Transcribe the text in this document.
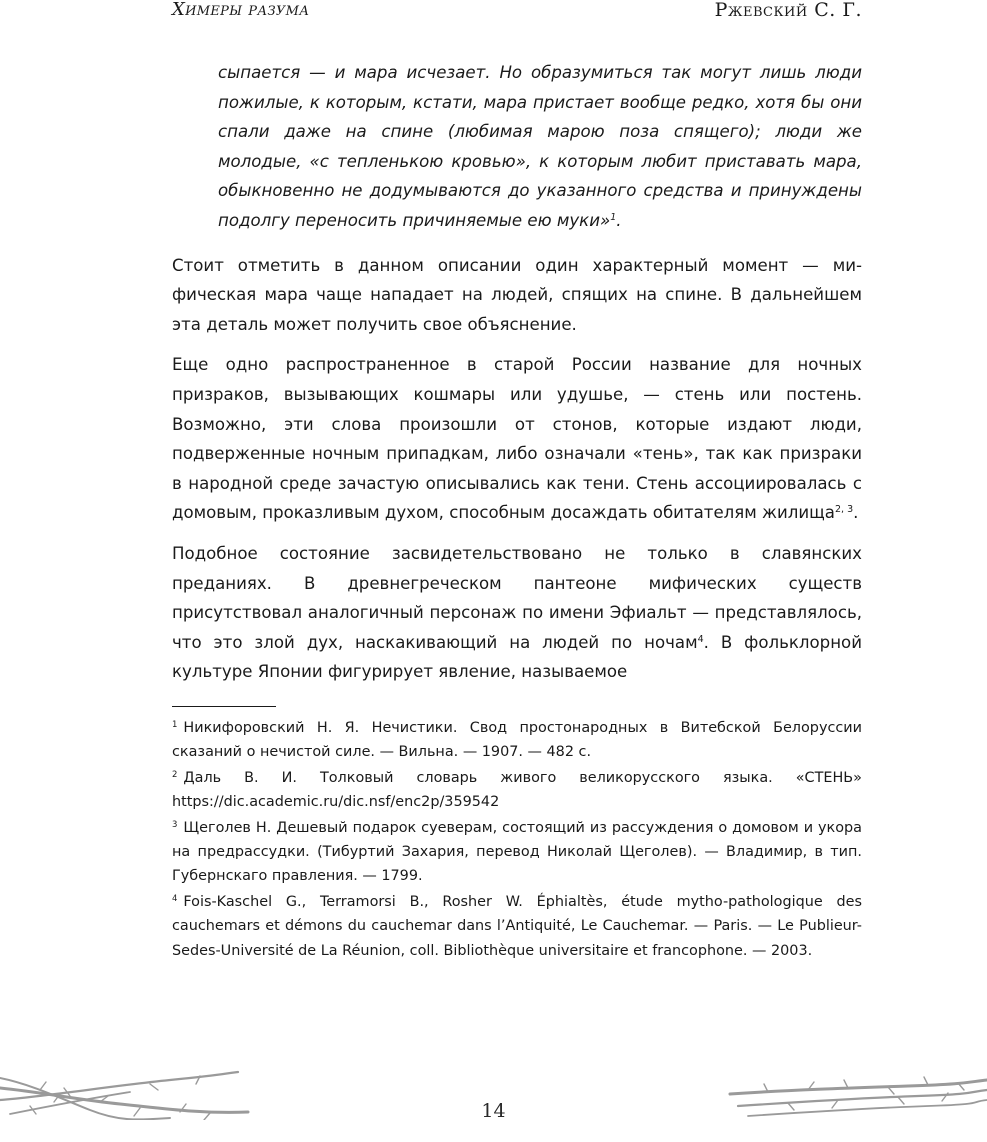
Химеры разума	Ржевский С. Г.

сыпается — и мара исчезает. Но образумиться так могут лишь люди пожилые, к которым, кстати, мара пристает вообще редко, хотя бы они спали даже на спине (любимая марою поза спящего); люди же молодые, «с тепленькою кровью», к которым любит приставать мара, обыкновенно не додумываются до указанного средства и принуждены подолгу переносить причиняемые ею муки»$^1$.

Стоит отметить в данном описании один характерный момент — мифическая мара чаще нападает на людей, спящих на спине. В дальнейшем эта деталь может получить свое объяснение.

Еще одно распространенное в старой России название для ночных призраков, вызывающих кошмары или удушье, — стень или постень. Возможно, эти слова произошли от стонов, которые издают люди, подверженные ночным припадкам, либо означали «тень», так как призраки в народной среде зачастую описывались как тени. Стень ассоциировалась с домовым, проказливым духом, способным досаждать обитателям жилища$^{2, 3}$.

Подобное состояние засвидетельствовано не только в славянских преданиях. В древнегреческом пантеоне мифических существ присутствовал аналогичный персонаж по имени Эфиальт — представлялось, что это злой дух, наскакивающий на людей по ночам$^4$. В фольклорной культуре Японии фигурирует явление, называемое

$^1$ Никифоровский Н. Я. Нечистики. Свод простонародных в Витебской Белоруссии сказаний о нечистой силе. — Вильна. — 1907. — 482 с.

$^2$ Даль В. И. Толковый словарь живого великорусского языка. «СТЕНЬ» https://dic.academic.ru/dic.nsf/enc2p/359542

$^3$ Щеголев Н. Дешевый подарок суеверам, состоящий из рассуждения о домовом и укора на предрассудки. (Тибуртий Захария, перевод Николай Щеголев). — Владимир, в тип. Губернскаго правления. — 1799.

$^4$ Fois-Kaschel G., Terramorsi B., Rosher W. Éphialtès, étude mytho-pathologique des cauchemars et démons du cauchemar dans l’Antiquité, Le Cauchemar. — Paris. — Le Publieur-Sedes-Université de La Réunion, coll. Bibliothèque universitaire et francophone. — 2003.

14
